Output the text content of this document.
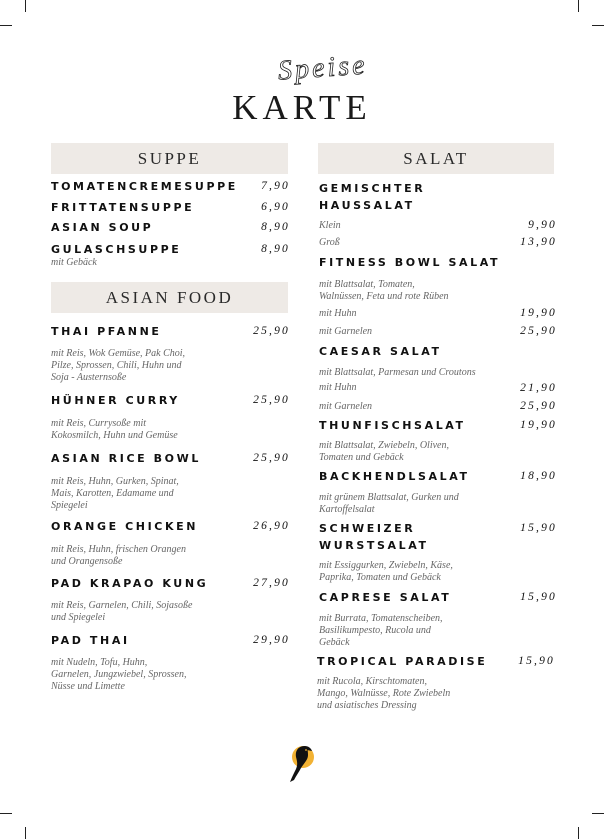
Speise
KARTE
SUPPE
TOMATENCREMESUPPE 7,90
FRITTATENSUPPE	6,90
ASIAN SOUP	8,90
GULASCHSUPPE	8,90
mit Gebäck
ASIAN FOOD
THAI PFANNE	25,90
mit Reis, Wok Gemüse, Pak Choi,
Pilze, Sprossen, Chili, Huhn und
Soja - Austernsoße
HÜHNER CURRY	25,90
mit Reis, Currysoße mit
Kokosmilch, Huhn und Gemüse
ASIAN RICE BOWL	25,90
mit Reis, Huhn, Gurken, Spinat,
Mais, Karotten, Edamame und
Spiegelei
ORANGE CHICKEN	26,90
mit Reis, Huhn, frischen Orangen
und Orangensoße
PAD KRAPAO KUNG	27,90
mit Reis, Garnelen, Chili, Sojasoße
und Spiegelei
PAD THAI	29,90
mit Nudeln, Tofu, Huhn,
Garnelen, Jungzwiebel, Sprossen,
Nüsse und Limette
SALAT
GEMISCHTER
HAUSSALAT
Klein	9,90
Groß	13,90
FITNESS BOWL SALAT
mit Blattsalat, Tomaten,
Walnüssen, Feta und rote Rüben
mit Huhn	19,90
mit Garnelen	25,90
CAESAR SALAT
mit Blattsalat, Parmesan und Croutons
mit Huhn	21,90
mit Garnelen	25,90
THUNFISCHSALAT	19,90
mit Blattsalat, Zwiebeln, Oliven,
Tomaten und Gebäck
BACKHENDLSALAT	18,90
mit grünem Blattsalat, Gurken und
Kartoffelsalat
SCHWEIZER	15,90
WURSTSALAT
mit Essiggurken, Zwiebeln, Käse,
Paprika, Tomaten und Gebäck
CAPRESE SALAT	15,90
mit Burrata, Tomatenscheiben,
Basilikumpesto, Rucola und
Gebäck
TROPICAL PARADISE	15,90
mit Rucola, Kirschtomaten,
Mango, Walnüsse, Rote Zwiebeln
und asiatisches Dressing
